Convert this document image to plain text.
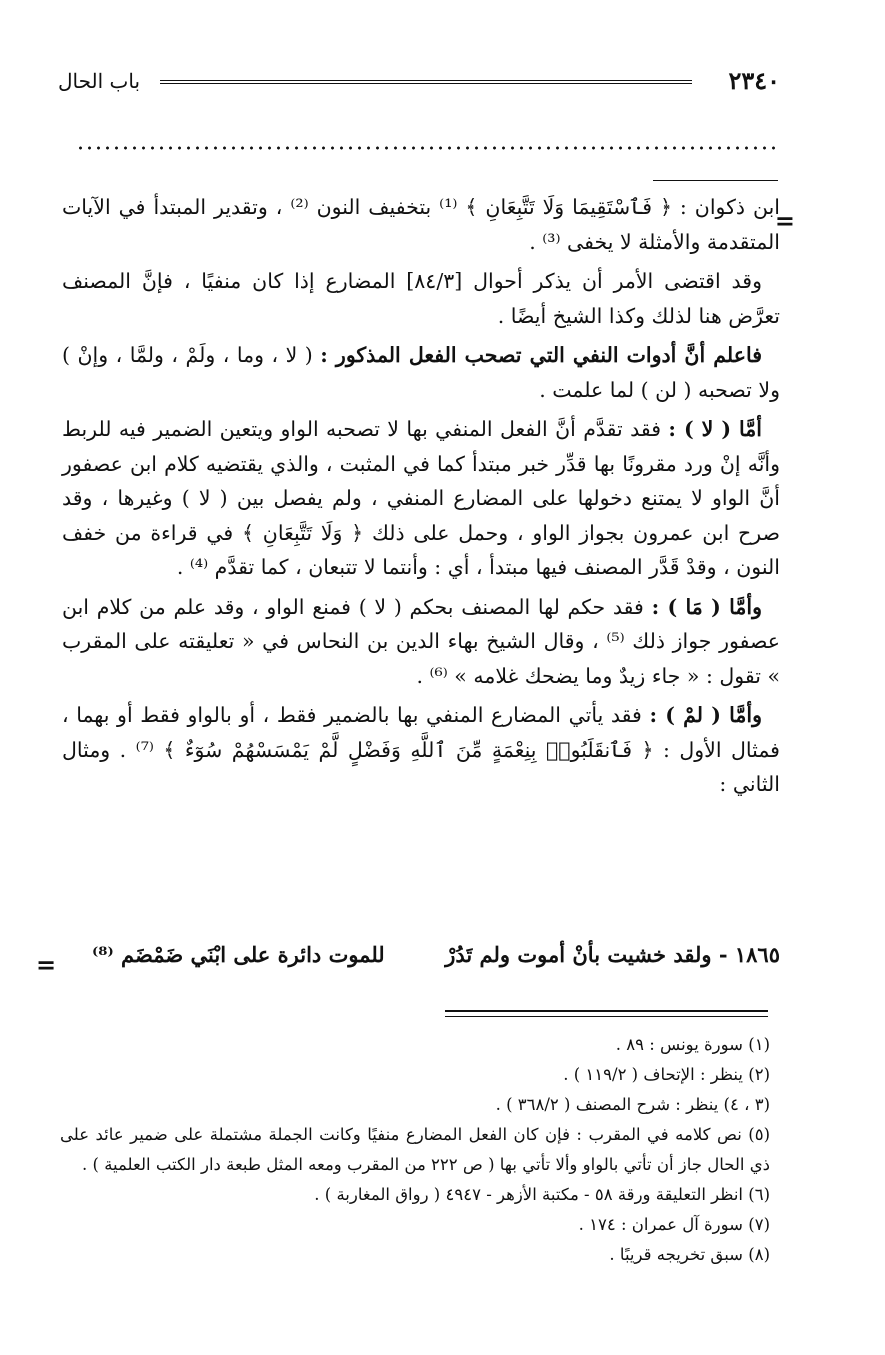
٢٣٤٠
باب الحال
=

ابن ذكوان : ﴿ فَٱسْتَقِيمَا وَلَا تَتَّبِعَانِ ﴾ ⁽¹⁾ بتخفيف النون ⁽²⁾ ، وتقدير المبتدأ في الآيات المتقدمة والأمثلة لا يخفى ⁽³⁾ .

وقد اقتضى الأمر أن يذكر أحوال [٨٤/٣] المضارع إذا كان منفيًا ، فإنَّ المصنف تعرَّض هنا لذلك وكذا الشيخ أيضًا .

فاعلم أنَّ أدوات النفي التي تصحب الفعل المذكور : ( لا ، وما ، ولَمْ ، ولمَّا ، وإنْ ) ولا تصحبه ( لن ) لما علمت .

أمَّا ( لا ) : فقد تقدَّم أنَّ الفعل المنفي بها لا تصحبه الواو ويتعين الضمير فيه للربط وأنَّه إنْ ورد مقرونًا بها قدِّر خبر مبتدأ كما في المثبت ، والذي يقتضيه كلام ابن عصفور أنَّ الواو لا يمتنع دخولها على المضارع المنفي ، ولم يفصل بين ( لا ) وغيرها ، وقد صرح ابن عمرون بجواز الواو ، وحمل على ذلك ﴿ وَلَا تَتَّبِعَانِ ﴾ في قراءة من خفف النون ، وقدْ قَدَّر المصنف فيها مبتدأ ، أي : وأنتما لا تتبعان ، كما تقدَّم ⁽⁴⁾ .

وأمَّا ( مَا ) : فقد حكم لها المصنف بحكم ( لا ) فمنع الواو ، وقد علم من كلام ابن عصفور جواز ذلك ⁽⁵⁾ ، وقال الشيخ بهاء الدين بن النحاس في « تعليقته على المقرب » تقول : « جاء زيدٌ وما يضحك غلامه » ⁽⁶⁾ .

وأمَّا ( لمْ ) : فقد يأتي المضارع المنفي بها بالضمير فقط ، أو بالواو فقط أو بهما ، فمثال الأول : ﴿ فَٱنقَلَبُوا۟ بِنِعْمَةٍ مِّنَ ٱللَّهِ وَفَضْلٍ لَّمْ يَمْسَسْهُمْ سُوٓءٌ ﴾ ⁽⁷⁾ . ومثال الثاني :

١٨٦٥ - ولقد خشيت بأنْ أموت ولم تَدُرْ
للموت دائرة على ابْنَي ضَمْضَم ⁽⁸⁾
=
(١) سورة يونس : ٨٩ .
(٢) ينظر : الإتحاف ( ١١٩/٢ ) .
(٣ ، ٤) ينظر : شرح المصنف ( ٣٦٨/٢ ) .
(٥) نص كلامه في المقرب : فإن كان الفعل المضارع منفيًا وكانت الجملة مشتملة على ضمير عائد على ذي الحال جاز أن تأتي بالواو وألا تأتي بها ( ص ٢٢٢ من المقرب ومعه المثل طبعة دار الكتب العلمية ) .
(٦) انظر التعليقة ورقة ٥٨ - مكتبة الأزهر - ٤٩٤٧ ( رواق المغاربة ) .
(٧) سورة آل عمران : ١٧٤ .
(٨) سبق تخريجه قريبًا .
